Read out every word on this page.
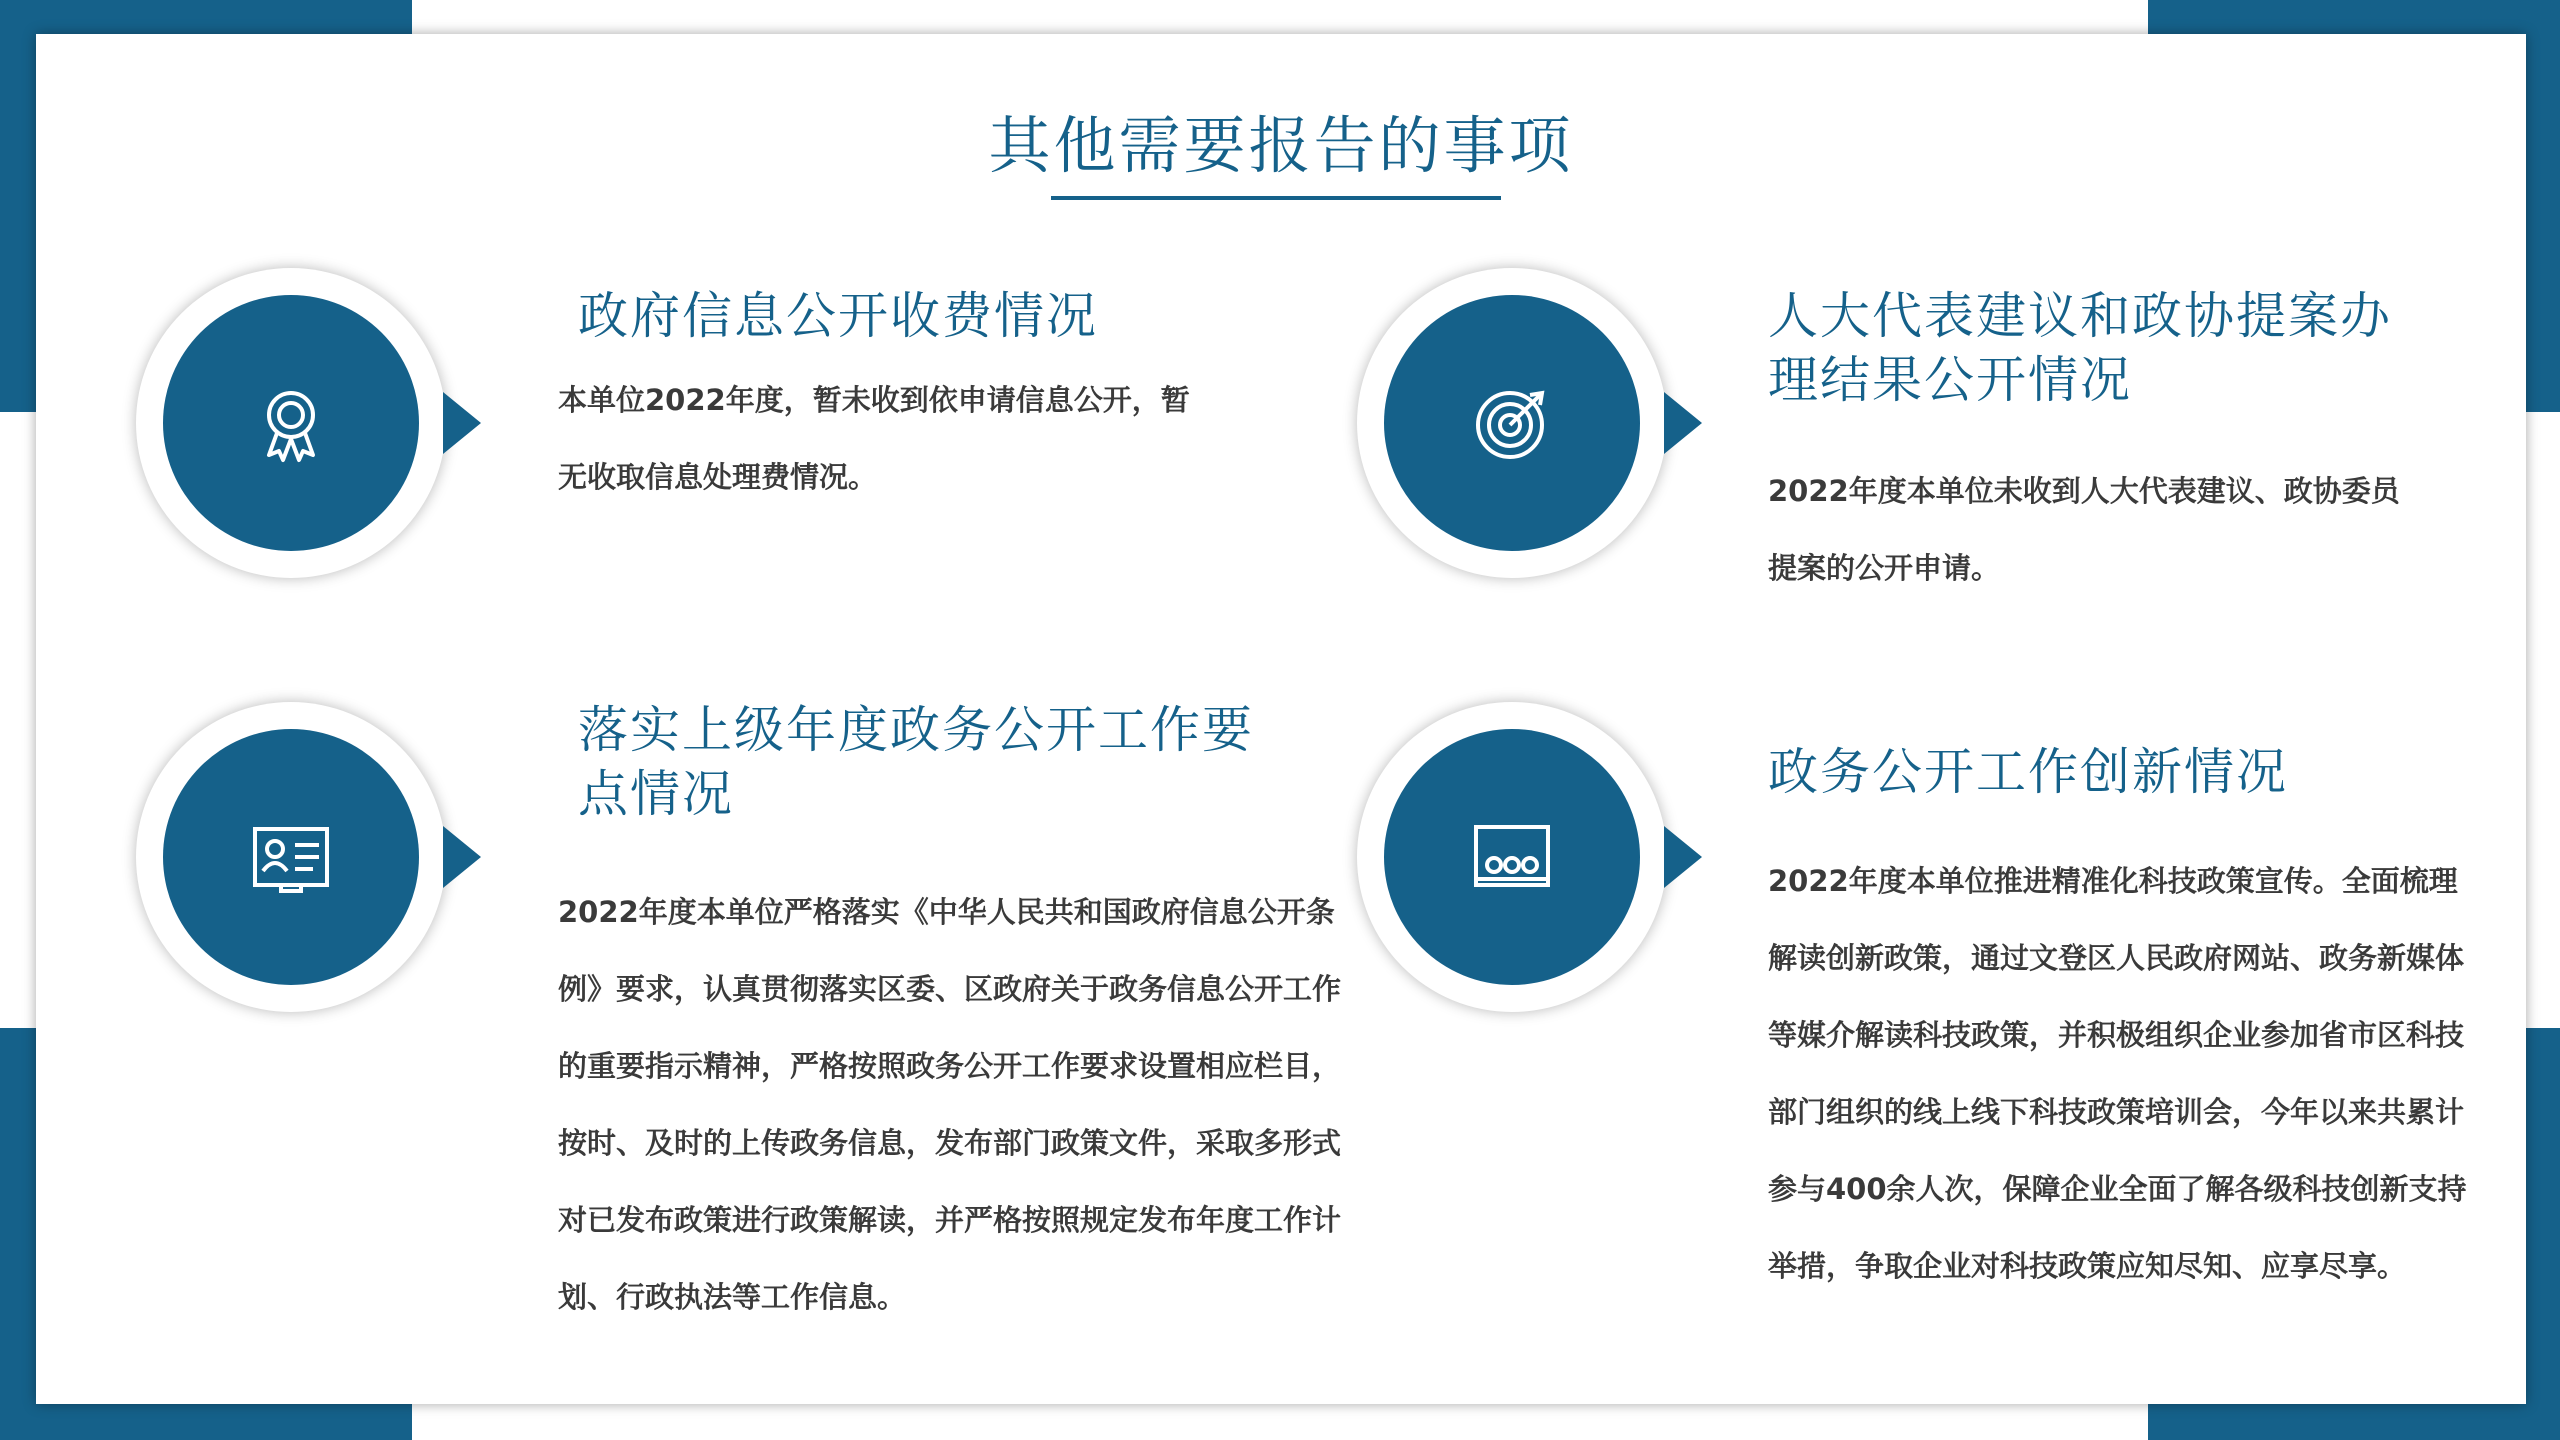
其他需要报告的事项
政府信息公开收费情况
本单位2022年度，暂未收到依申请信息公开，暂无收取信息处理费情况。
人大代表建议和政协提案办理结果公开情况
2022年度本单位未收到人大代表建议、政协委员提案的公开申请。
落实上级年度政务公开工作要点情况
2022年度本单位严格落实《中华人民共和国政府信息公开条例》要求，认真贯彻落实区委、区政府关于政务信息公开工作的重要指示精神，严格按照政务公开工作要求设置相应栏目，按时、及时的上传政务信息，发布部门政策文件，采取多形式对已发布政策进行政策解读，并严格按照规定发布年度工作计划、行政执法等工作信息。
政务公开工作创新情况
2022年度本单位推进精准化科技政策宣传。全面梳理解读创新政策，通过文登区人民政府网站、政务新媒体等媒介解读科技政策，并积极组织企业参加省市区科技部门组织的线上线下科技政策培训会，今年以来共累计参与400余人次，保障企业全面了解各级科技创新支持举措，争取企业对科技政策应知尽知、应享尽享。
